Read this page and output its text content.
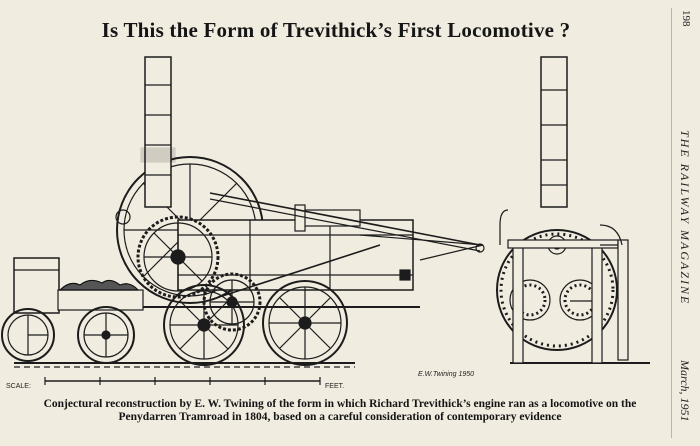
Is This the Form of Trevithick’s First Locomotive ?	198
THE RAILWAY MAGAZINE
March, 1951
SCALE:	FEET.
E.W.Twining 1950
Conjectural reconstruction by E. W. Twining of the form in which Richard Trevithick’s engine ran as a locomotive on the
Penydarren Tramroad in 1804, based on a careful consideration of contemporary evidence
